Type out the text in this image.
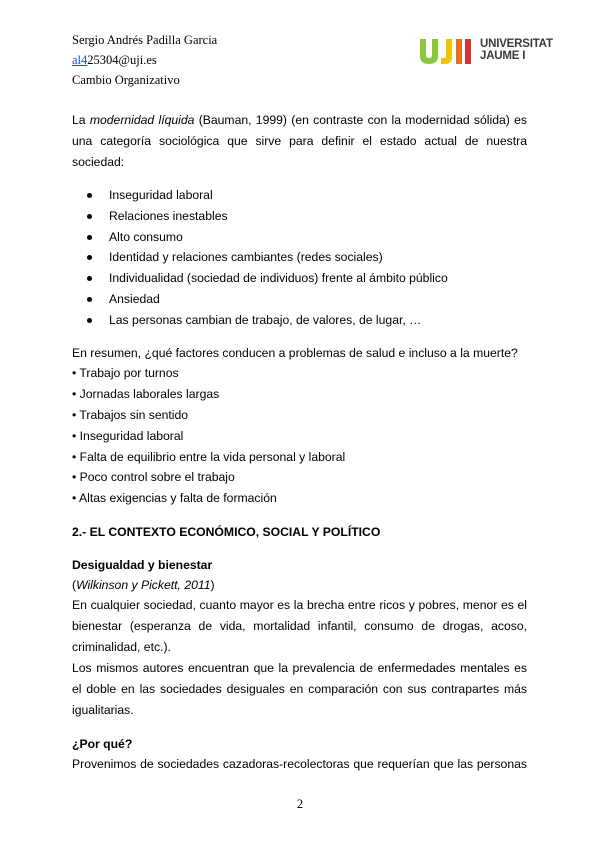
Sergio Andrés Padilla Garcia
al425304@uji.es
Cambio Organizativo
UNIVERSITAT
JAUME I

La modernidad líquida (Bauman, 1999) (en contraste con la modernidad sólida) es una categoría sociológica que sirve para definir el estado actual de nuestra sociedad:

Inseguridad laboral
Relaciones inestables
Alto consumo
Identidad y relaciones cambiantes (redes sociales)
Individualidad (sociedad de individuos) frente al ámbito público
Ansiedad
Las personas cambian de trabajo, de valores, de lugar, …
En resumen, ¿qué factores conducen a problemas de salud e incluso a la muerte?
• Trabajo por turnos
• Jornadas laborales largas
• Trabajos sin sentido
• Inseguridad laboral
• Falta de equilibrio entre la vida personal y laboral
• Poco control sobre el trabajo
• Altas exigencias y falta de formación
2.- EL CONTEXTO ECONÓMICO, SOCIAL Y POLÍTICO
Desigualdad y bienestar
(Wilkinson y Pickett, 2011)

En cualquier sociedad, cuanto mayor es la brecha entre ricos y pobres, menor es el bienestar (esperanza de vida, mortalidad infantil, consumo de drogas, acoso, criminalidad, etc.).

Los mismos autores encuentran que la prevalencia de enfermedades mentales es el doble en las sociedades desiguales en comparación con sus contrapartes más igualitarias.

¿Por qué?

Provenimos de sociedades cazadoras-recolectoras que requerían que las personas

2
